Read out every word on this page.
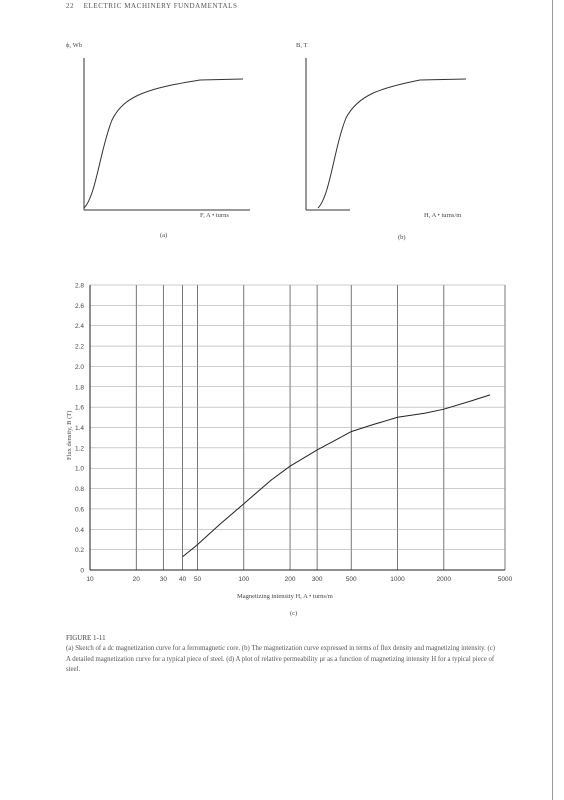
22 ELECTRIC MACHINERY FUNDAMENTALS
ϕ, Wb
F, A • turns
(a)
B, T
H, A • turns/m
(b)
0
0.2
0.4
0.6
0.8
1.0
1.2
1.4
1.6
1.8
2.0
2.2
2.4
2.6
2.8
10	20	30 40 50	100	200 300	500	1000	2000	5000
Magnetizing intensity H, A • turns/m
Flux density, B (T)
(c)
FIGURE 1-11
(a) Sketch of a dc magnetization curve for a ferromagnetic core. (b) The magnetization curve expressed in terms of flux density and magnetizing intensity. (c) A detailed magnetization curve for a typical piece of steel. (d) A plot of relative permeability μr as a function of magnetizing intensity H for a typical piece of steel.
